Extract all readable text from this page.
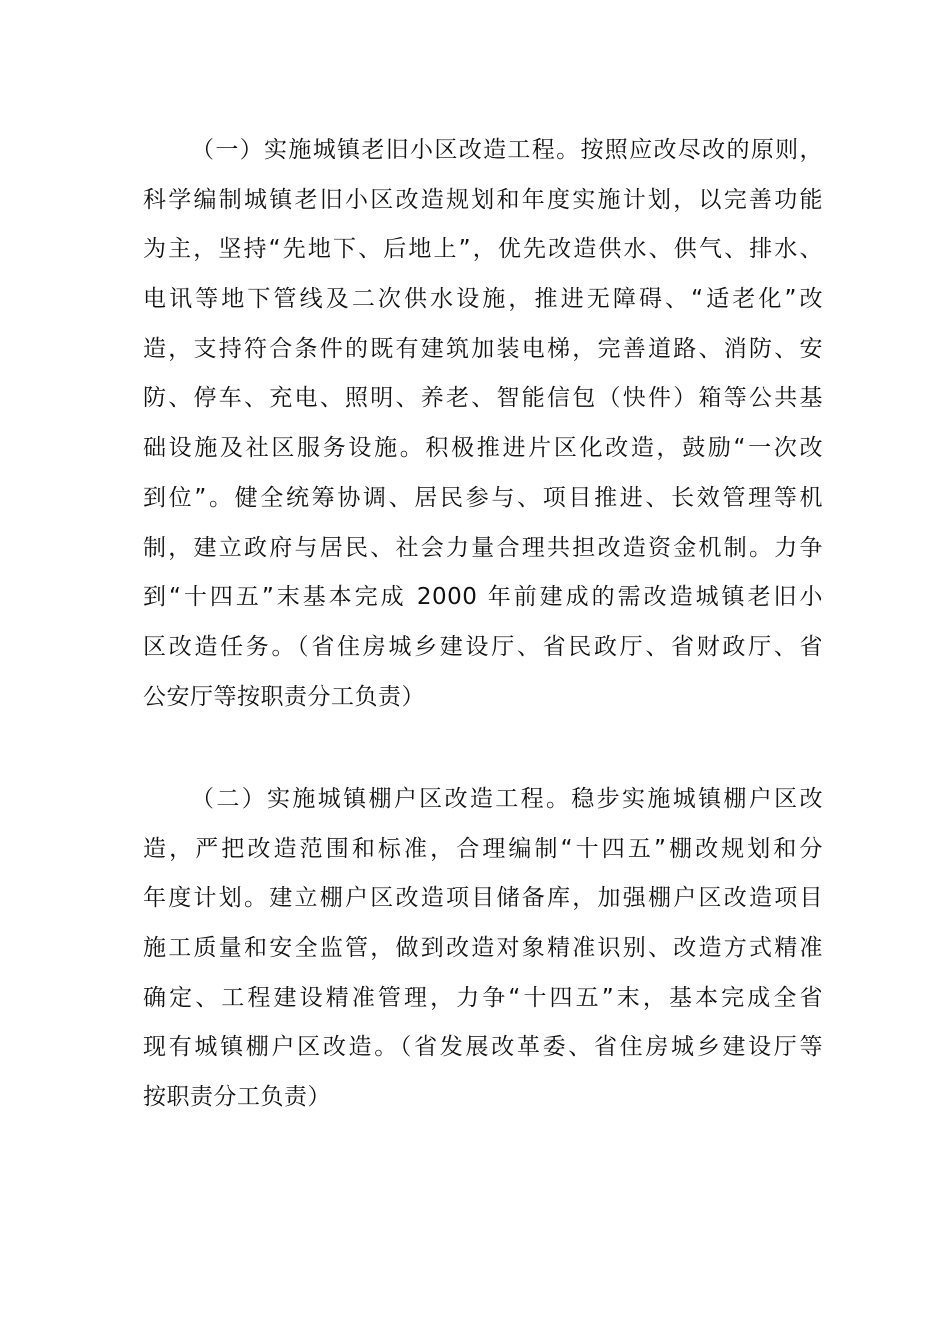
（一）实施城镇老旧小区改造工程。按照应改尽改的原则，
科学编制城镇老旧小区改造规划和年度实施计划，以完善功能
为主，坚持“先地下、后地上”，优先改造供水、供气、排水、
电讯等地下管线及二次供水设施，推进无障碍、“适老化”改
造，支持符合条件的既有建筑加装电梯，完善道路、消防、安
防、停车、充电、照明、养老、智能信包（快件）箱等公共基
础设施及社区服务设施。积极推进片区化改造，鼓励“一次改
到位”。健全统筹协调、居民参与、项目推进、长效管理等机
制，建立政府与居民、社会力量合理共担改造资金机制。力争
到“十四五”末基本完成 2000 年前建成的需改造城镇老旧小
区改造任务。（省住房城乡建设厅、省民政厅、省财政厅、省
公安厅等按职责分工负责）
（二）实施城镇棚户区改造工程。稳步实施城镇棚户区改
造，严把改造范围和标准，合理编制“十四五”棚改规划和分
年度计划。建立棚户区改造项目储备库，加强棚户区改造项目
施工质量和安全监管，做到改造对象精准识别、改造方式精准
确定、工程建设精准管理，力争“十四五”末，基本完成全省
现有城镇棚户区改造。（省发展改革委、省住房城乡建设厅等
按职责分工负责）
